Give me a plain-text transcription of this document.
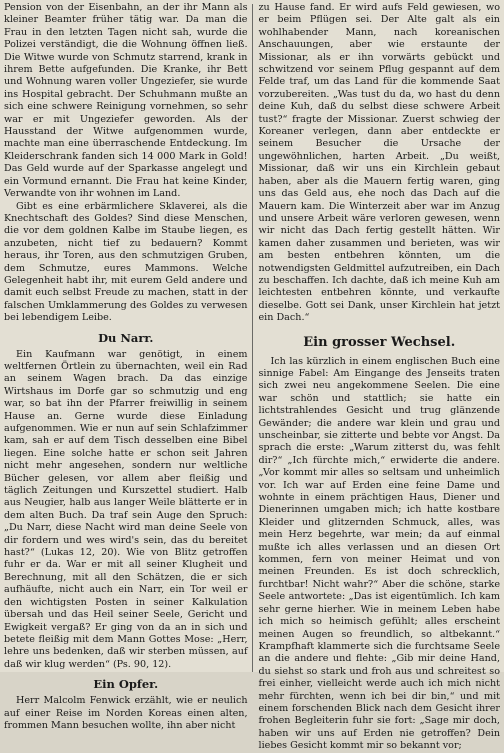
Pension von der Eisenbahn, an der ihr Mann als kleiner Beamter früher tätig war. Da man die Frau in den letzten Tagen nicht sah, wurde die Polizei verständigt, die die Wohnung öffnen ließ. Die Witwe wurde von Schmutz starrend, krank in ihrem Bette aufgefunden. Die Kranke, ihr Bett und Wohnung waren voller Ungeziefer, sie wurde ins Hospital gebracht. Der Schuhmann mußte an sich eine schwere Reinigung vornehmen, so sehr war er mit Ungeziefer geworden. Als der Hausstand der Witwe aufgenommen wurde, machte man eine überraschende Entdeckung. Im Kleiderschrank fanden sich 14 000 Mark in Gold! Das Geld wurde auf der Sparkasse angelegt und ein Vormund ernannt. Die Frau hat keine Kinder, Verwandte von ihr wohnen im Land.

Gibt es eine erbärmlichere Sklaverei, als die Knechtschaft des Goldes? Sind diese Menschen, die vor dem goldnen Kalbe im Staube liegen, es anzubeten, nicht tief zu bedauern? Kommt heraus, ihr Toren, aus den schmutzigen Gruben, dem Schmutze, eures Mammons. Welche Gelegenheit habt ihr, mit eurem Geld andere und damit euch selbst Freude zu machen, statt in der falschen Umklammerung des Goldes zu verwesen bei lebendigem Leibe.

Du Narr.

Ein Kaufmann war genötigt, in einem weltfernen Örtlein zu übernachten, weil ein Rad an seinem Wagen brach. Da das einzige Wirtshaus im Dorfe gar so schmutzig und eng war, so bat ihn der Pfarrer freiwillig in seinem Hause an. Gerne wurde diese Einladung aufgenommen. Wie er nun auf sein Schlafzimmer kam, sah er auf dem Tisch desselben eine Bibel liegen. Eine solche hatte er schon seit Jahren nicht mehr angesehen, sondern nur weltliche Bücher gelesen, vor allem aber fleißig und täglich Zeitungen und Kurszettel studiert. Halb aus Neugier, halb aus langer Weile blätterte er in dem alten Buch. Da traf sein Auge den Spruch: „Du Narr, diese Nacht wird man deine Seele von dir fordern und wes wird's sein, das du bereitet hast?“ (Lukas 12, 20). Wie von Blitz getroffen fuhr er da. War er mit all seiner Klugheit und Berechnung, mit all den Schätzen, die er sich aufhäufte, nicht auch ein Narr, ein Tor weil er den wichtigsten Posten in seiner Kalkulation übersah und das Heil seiner Seele, Gericht und Ewigkeit vergaß? Er ging von da an in sich und betete fleißig mit dem Mann Gottes Mose: „Herr, lehre uns bedenken, daß wir sterben müssen, auf daß wir klug werden“ (Ps. 90, 12).

Ein Opfer.

Herr Malcolm Fenwick erzählt, wie er neulich auf einer Reise im Norden Koreas einen alten, frommen Mann besuchen wollte, ihn aber nicht

zu Hause fand. Er wird aufs Feld gewiesen, wo er beim Pflügen sei. Der Alte galt als ein wohlhabender Mann, nach koreanischen Anschauungen, aber wie erstaunte der Missionar, als er ihn vorwärts gebückt und schwitzend vor seinem Pflug gespannt auf dem Felde traf, um das Land für die kommende Saat vorzubereiten. „Was tust du da, wo hast du denn deine Kuh, daß du selbst diese schwere Arbeit tust?“ fragte der Missionar. Zuerst schwieg der Koreaner verlegen, dann aber entdeckte er seinem Besucher die Ursache der ungewöhnlichen, harten Arbeit. „Du weißt, Missionar, daß wir uns ein Kirchlein gebaut haben, aber als die Mauern fertig waren, ging uns das Geld aus, ehe noch das Dach auf die Mauern kam. Die Winterzeit aber war im Anzug und unsere Arbeit wäre verloren gewesen, wenn wir nicht das Dach fertig gestellt hätten. Wir kamen daher zusammen und berieten, was wir am besten entbehren könnten, um die notwendigsten Geldmittel aufzutreiben, ein Dach zu beschaffen. Ich dachte, daß ich meine Kuh am leichtesten entbehren könnte, und verkaufte dieselbe. Gott sei Dank, unser Kirchlein hat jetzt ein Dach.“

Ein grosser Wechsel.

Ich las kürzlich in einem englischen Buch eine sinnige Fabel: Am Eingange des Jenseits traten sich zwei neu angekommene Seelen. Die eine war schön und stattlich; sie hatte ein lichtstrahlendes Gesicht und trug glänzende Gewänder; die andere war klein und grau und unscheinbar, sie zitterte und bebte vor Angst. Da sprach die erste: „Warum zitterst du, was fehlt dir?“ „Ich fürchte mich,“ erwiderte die andere. „Vor kommt mir alles so seltsam und unheimlich vor. Ich war auf Erden eine feine Dame und wohnte in einem prächtigen Haus, Diener und Dienerinnen umgaben mich; ich hatte kostbare Kleider und glitzernden Schmuck, alles, was mein Herz begehrte, war mein; da auf einmal mußte ich alles verlassen und an diesen Ort kommen, fern von meiner Heimat und von meinen Freunden. Es ist doch schrecklich, furchtbar! Nicht wahr?“ Aber die schöne, starke Seele antwortete: „Das ist eigentümlich. Ich kam sehr gerne hierher. Wie in meinem Leben habe ich mich so heimisch gefühlt; alles erscheint meinen Augen so freundlich, so altbekannt.“ Krampfhaft klammerte sich die furchtsame Seele an die andere und flehte: „Gib mir deine Hand, du siehst so stark und froh aus und schreitest so frei einher, vielleicht werde auch ich mich nicht mehr fürchten, wenn ich bei dir bin,“ und mit einem forschenden Blick nach dem Gesicht ihrer frohen Begleiterin fuhr sie fort: „Sage mir doch, haben wir uns auf Erden nie getroffen? Dein liebes Gesicht kommt mir so bekannt vor;
